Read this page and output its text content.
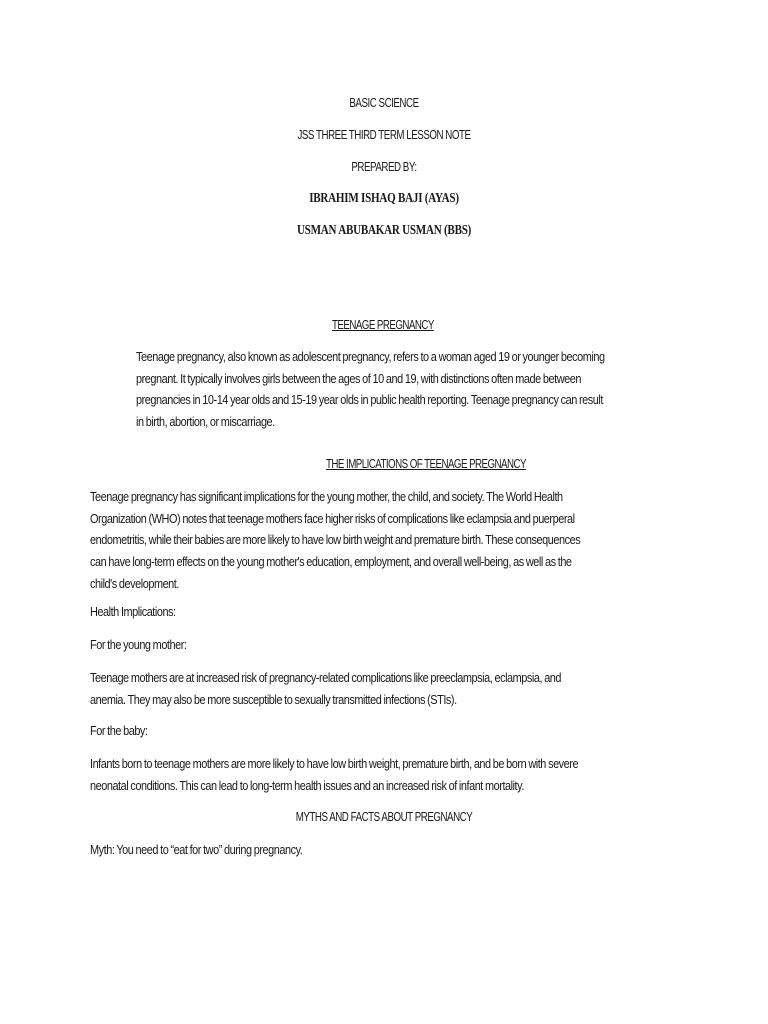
BASIC SCIENCE
JSS THREE THIRD TERM LESSON NOTE
PREPARED BY:
IBRAHIM ISHAQ BAJI (AYAS)
USMAN ABUBAKAR USMAN (BBS)
TEENAGE PREGNANCY
Teenage pregnancy, also known as adolescent pregnancy, refers to a woman aged 19 or younger becoming
pregnant. It typically involves girls between the ages of 10 and 19, with distinctions often made between
pregnancies in 10-14 year olds and 15-19 year olds in public health reporting. Teenage pregnancy can result
in birth, abortion, or miscarriage.
THE IMPLICATIONS OF TEENAGE PREGNANCY
Teenage pregnancy has significant implications for the young mother, the child, and society. The World Health
Organization (WHO) notes that teenage mothers face higher risks of complications like eclampsia and puerperal
endometritis, while their babies are more likely to have low birth weight and premature birth. These consequences
can have long-term effects on the young mother's education, employment, and overall well-being, as well as the
child's development.
Health Implications:
For the young mother:
Teenage mothers are at increased risk of pregnancy-related complications like preeclampsia, eclampsia, and
anemia. They may also be more susceptible to sexually transmitted infections (STIs).
For the baby:
Infants born to teenage mothers are more likely to have low birth weight, premature birth, and be born with severe
neonatal conditions. This can lead to long-term health issues and an increased risk of infant mortality.
MYTHS AND FACTS ABOUT PREGNANCY
Myth: You need to “eat for two” during pregnancy.
